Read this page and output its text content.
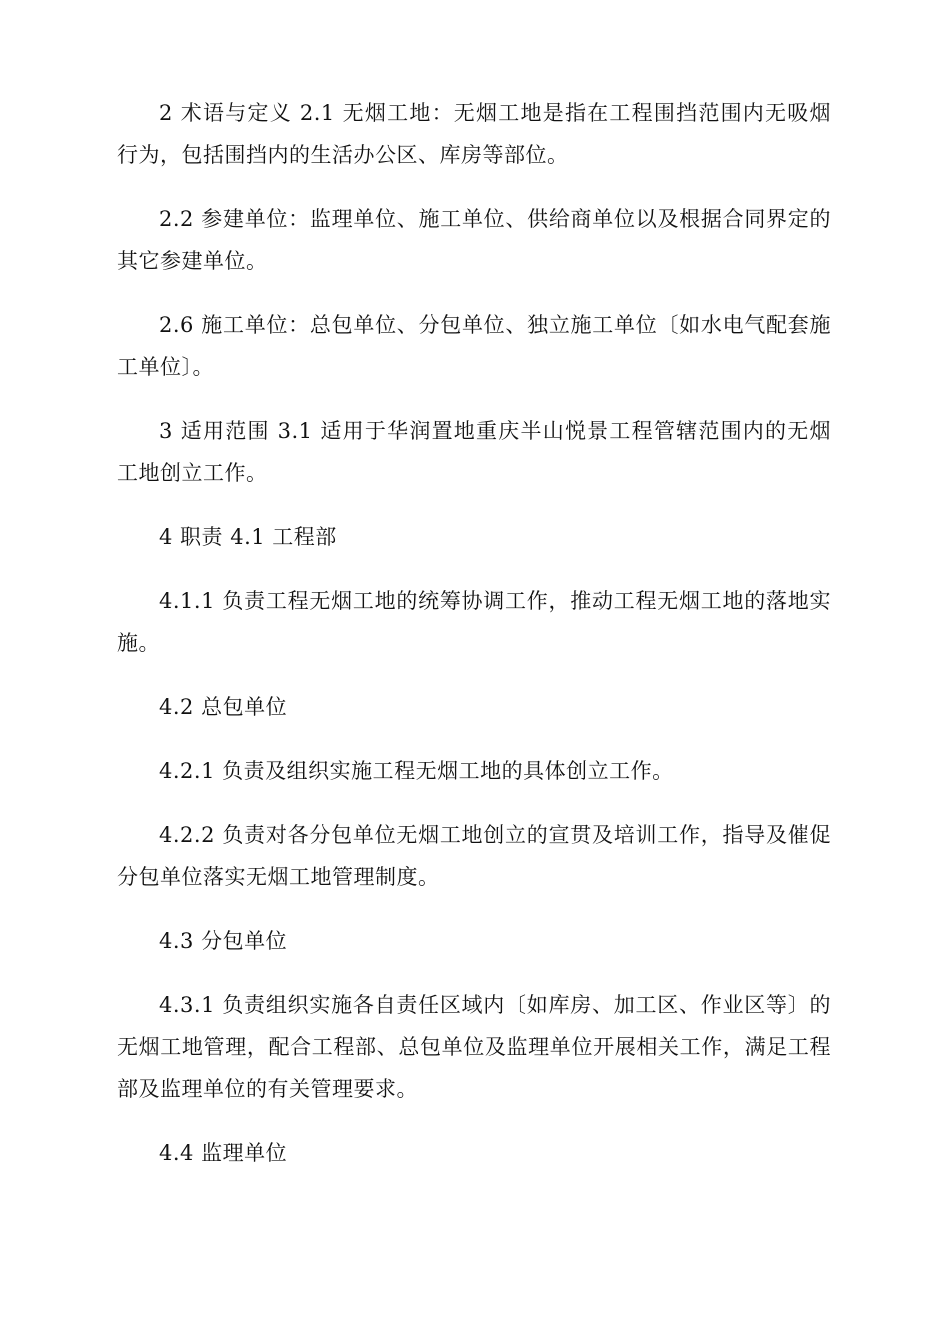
2 术语与定义 2.1 无烟工地：无烟工地是指在工程围挡范围内无吸烟行为，包括围挡内的生活办公区、库房等部位。

2.2 参建单位：监理单位、施工单位、供给商单位以及根据合同界定的其它参建单位。

2.6 施工单位：总包单位、分包单位、独立施工单位〔如水电气配套施工单位〕。

3 适用范围 3.1 适用于华润置地重庆半山悦景工程管辖范围内的无烟工地创立工作。

4 职责 4.1 工程部

4.1.1 负责工程无烟工地的统筹协调工作，推动工程无烟工地的落地实施。

4.2 总包单位

4.2.1 负责及组织实施工程无烟工地的具体创立工作。

4.2.2 负责对各分包单位无烟工地创立的宣贯及培训工作，指导及催促分包单位落实无烟工地管理制度。

4.3 分包单位

4.3.1 负责组织实施各自责任区域内〔如库房、加工区、作业区等〕的无烟工地管理，配合工程部、总包单位及监理单位开展相关工作，满足工程部及监理单位的有关管理要求。

4.4 监理单位
